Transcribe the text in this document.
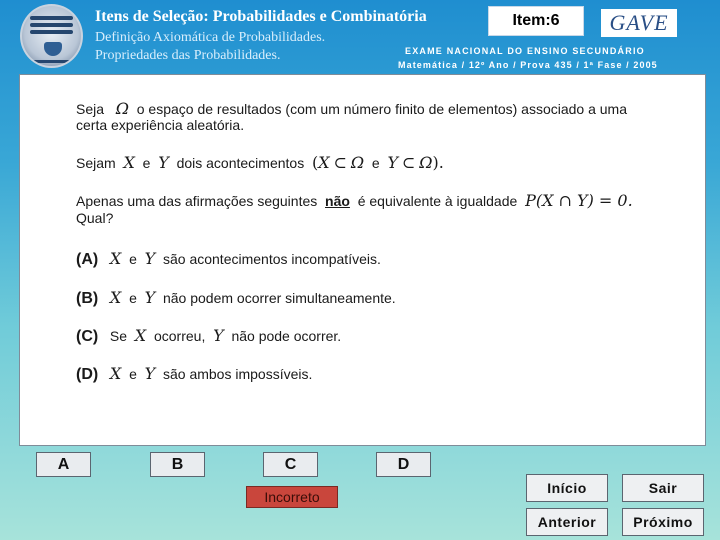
Itens de Seleção: Probabilidades e Combinatória
Definição Axiomática de Probabilidades.
Propriedades das Probabilidades.
Item:6	GAVE
EXAME NACIONAL DO ENSINO SECUNDÁRIO
Matemática / 12º Ano / Prova 435 / 1ª Fase / 2005
Seja Ω o espaço de resultados (com um número finito de elementos) associado a uma
certa experiência aleatória.
Sejam X e Y dois acontecimentos (X ⊂ Ω e Y ⊂ Ω).
Apenas uma das afirmações seguintes não é equivalente à igualdade P(X ∩ Y) = 0.
Qual?
(A) X e Y são acontecimentos incompatíveis.
(B) X e Y não podem ocorrer simultaneamente.
(C) Se X ocorreu, Y não pode ocorrer.
(D) X e Y são ambos impossíveis.
A	B	C	D
Incorreto
Início	Sair
Anterior	Próximo
